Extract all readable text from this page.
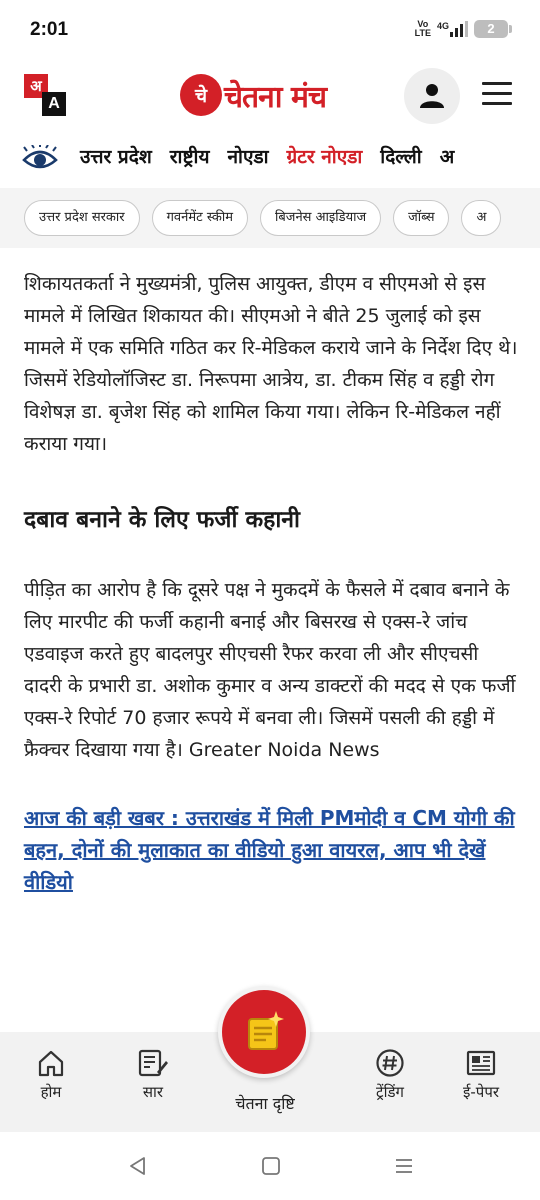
2:01	Vo
LTE
4G	2
अ
A	चे चेतना मंच
उत्तर प्रदेश राष्ट्रीय नोएडा ग्रेटर नोएडा दिल्ली अ
उत्तर प्रदेश सरकार	गवर्नमेंट स्कीम	बिजनेस आइडियाज	जॉब्स	अ

शिकायतकर्ता ने मुख्यमंत्री, पुलिस आयुक्त, डीएम व सीएमओ से इस मामले में लिखित शिकायत की। सीएमओ ने बीते 25 जुलाई को इस मामले में एक समिति गठित कर रि-मेडिकल कराये जाने के निर्देश दिए थे। जिसमें रेडियोलॉजिस्ट डा. निरूपमा आत्रेय, डा. टीकम सिंह व हड्डी रोग विशेषज्ञ डा. बृजेश सिंह को शामिल किया गया। लेकिन रि-मेडिकल नहीं कराया गया।

दबाव बनाने के लिए फर्जी कहानी

पीड़ित का आरोप है कि दूसरे पक्ष ने मुकदमें के फैसले में दबाव बनाने के लिए मारपीट की फर्जी कहानी बनाई और बिसरख से एक्स-रे जांच एडवाइज करते हुए बादलपुर सीएचसी रैफर करवा ली और सीएचसी दादरी के प्रभारी डा. अशोक कुमार व अन्य डाक्टरों की मदद से एक फर्जी एक्स-रे रिपोर्ट 70 हजार रूपये में बनवा ली। जिसमें पसली की हड्डी में फ्रैक्चर दिखाया गया है। Greater Noida News

आज की बड़ी खबर : उत्तराखंड में मिली PMमोदी व CM योगी की बहन, दोनों की मुलाकात का वीडियो हुआ वायरल, आप भी देखें वीडियो
होम	सार
चेतना दृष्टि
ट्रेंडिंग	ई-पेपर
